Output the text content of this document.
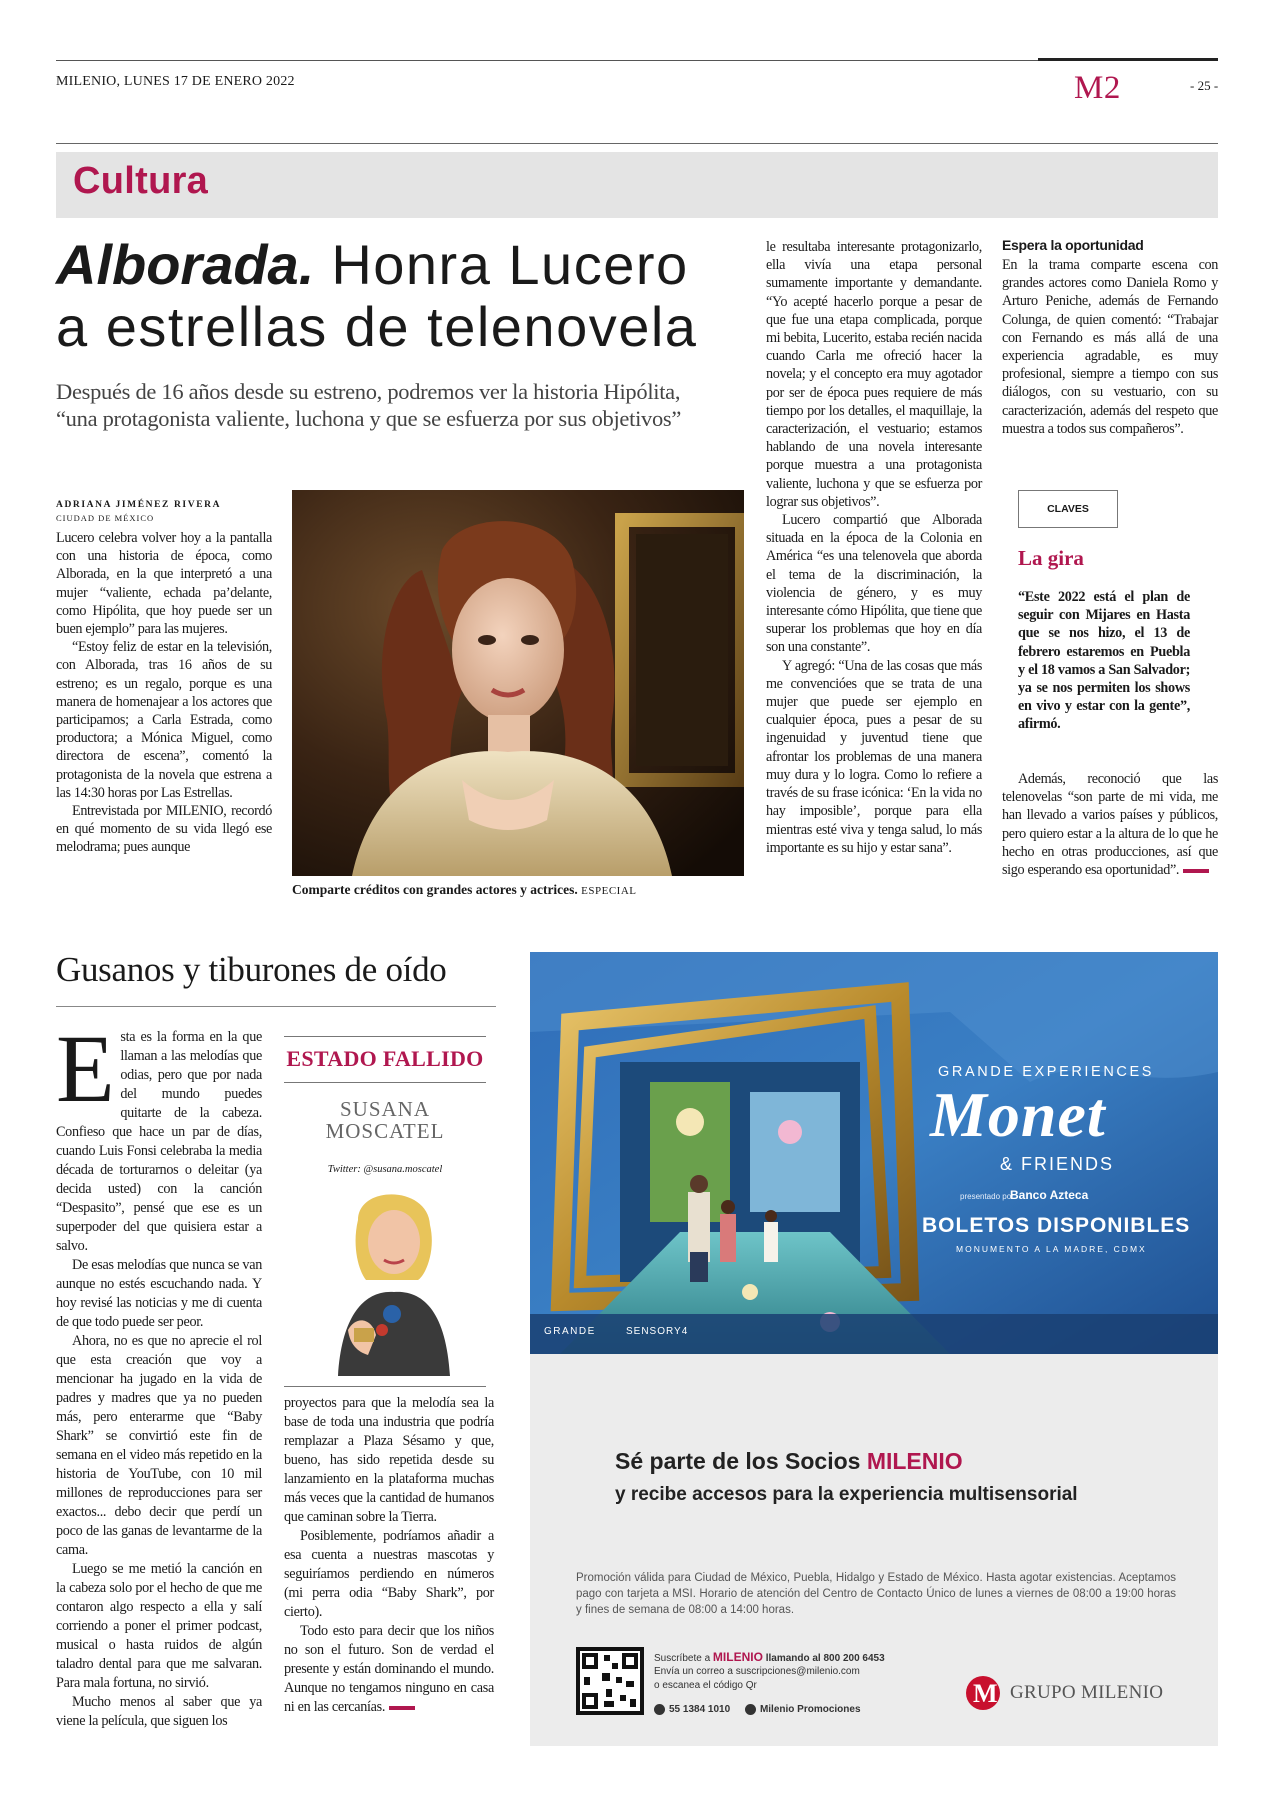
MILENIO, LUNES 17 DE ENERO 2022	M2	- 25 -
Cultura
Alborada. Honra Lucero
a estrellas de telenovela
Después de 16 años desde su estreno, podremos ver la historia Hipólita,
“una protagonista valiente, luchona y que se esfuerza por sus objetivos”
ADRIANA JIMÉNEZ RIVERA
CIUDAD DE MÉXICO

Lucero celebra volver hoy a la pantalla con una historia de época, como Alborada, en la que interpretó a una mujer “valiente, echada pa’delante, como Hipólita, que hoy puede ser un buen ejemplo” para las mujeres.

“Estoy feliz de estar en la televisión, con Alborada, tras 16 años de su estreno; es un regalo, porque es una manera de homenajear a los actores que participamos; a Carla Estrada, como productora; a Mónica Miguel, como directora de escena”, comentó la protagonista de la novela que estrena a las 14:30 horas por Las Estrellas.

Entrevistada por MILENIO, recordó en qué momento de su vida llegó ese melodrama; pues aunque

Comparte créditos con grandes actores y actrices. ESPECIAL

le resultaba interesante protagonizarlo, ella vivía una etapa personal sumamente importante y demandante. “Yo acepté hacerlo porque a pesar de que fue una etapa complicada, porque mi bebita, Lucerito, estaba recién nacida cuando Carla me ofreció hacer la novela; y el concepto era muy agotador por ser de época pues requiere de más tiempo por los detalles, el maquillaje, la caracterización, el vestuario; estamos hablando de una novela interesante porque muestra a una protagonista valiente, luchona y que se esfuerza por lograr sus objetivos”.

Lucero compartió que Alborada situada en la época de la Colonia en América “es una telenovela que aborda el tema de la discriminación, la violencia de género, y es muy interesante cómo Hipólita, que tiene que superar los problemas que hoy en día son una constante”.

Y agregó: “Una de las cosas que más me convencióes que se trata de una mujer que puede ser ejemplo en cualquier época, pues a pesar de su ingenuidad y juventud tiene que afrontar los problemas de una manera muy dura y lo logra. Como lo refiere a través de su frase icónica: ‘En la vida no hay imposible’, porque para ella mientras esté viva y tenga salud, lo más importante es su hijo y estar sana”.

Espera la oportunidad

En la trama comparte escena con grandes actores como Daniela Romo y Arturo Peniche, además de Fernando Colunga, de quien comentó: “Trabajar con Fernando es más allá de una experiencia agradable, es muy profesional, siempre a tiempo con sus diálogos, con su vestuario, con su caracterización, además del respeto que muestra a todos sus compañeros”.

CLAVES
La gira
“Este 2022 está el plan de seguir con Mijares en Hasta que se nos hizo, el 13 de febrero estaremos en Puebla y el 18 vamos a San Salvador; ya se nos permiten los shows en vivo y estar con la gente”, afirmó.

Además, reconoció que las telenovelas “son parte de mi vida, me han llevado a varios países y públicos, pero quiero estar a la altura de lo que he hecho en otras producciones, así que sigo esperando esa oportunidad”.

Gusanos y tiburones de oído

Esta es la forma en la que llaman a las melodías que odias, pero que por nada del mundo puedes quitarte de la cabeza. Confieso que hace un par de días, cuando Luis Fonsi celebraba la media década de torturarnos o deleitar (ya decida usted) con la canción “Despasito”, pensé que ese es un superpoder del que quisiera estar a salvo.

De esas melodías que nunca se van aunque no estés escuchando nada. Y hoy revisé las noticias y me di cuenta de que todo puede ser peor.

Ahora, no es que no aprecie el rol que esta creación que voy a mencionar ha jugado en la vida de padres y madres que ya no pueden más, pero enterarme que “Baby Shark” se convirtió este fin de semana en el video más repetido en la historia de YouTube, con 10 mil millones de reproducciones para ser exactos... debo decir que perdí un poco de las ganas de levantarme de la cama.

Luego se me metió la canción en la cabeza solo por el hecho de que me contaron algo respecto a ella y salí corriendo a poner el primer podcast, musical o hasta ruidos de algún taladro dental para que me salvaran. Para mala fortuna, no sirvió.

Mucho menos al saber que ya viene la película, que siguen los

ESTADO FALLIDO
SUSANA
MOSCATEL
Twitter: @susana.moscatel

proyectos para que la melodía sea la base de toda una industria que podría remplazar a Plaza Sésamo y que, bueno, has sido repetida desde su lanzamiento en la plataforma muchas más veces que la cantidad de humanos que caminan sobre la Tierra.

Posiblemente, podríamos añadir a esa cuenta a nuestras mascotas y seguiríamos perdiendo en números (mi perra odia “Baby Shark”, por cierto).

Todo esto para decir que los niños no son el futuro. Son de verdad el presente y están dominando el mundo. Aunque no tengamos ninguno en casa ni en las cercanías.

GRANDE EXPERIENCES
Monet
& FRIENDS
presentado por
Banco Azteca
BOLETOS DISPONIBLES
MONUMENTO A LA MADRE, CDMX
GRANDE	SENSORY4
Sé parte de los Socios MILENIO
y recibe accesos para la experiencia multisensorial
Promoción válida para Ciudad de México, Puebla, Hidalgo y Estado de México. Hasta agotar existencias. Aceptamos pago con tarjeta a MSI. Horario de atención del Centro de Contacto Único de lunes a viernes de 08:00 a 19:00 horas y fines de semana de 08:00 a 14:00 horas.
Suscríbete a MILENIO llamando al 800 200 6453
Envía un correo a suscripciones@milenio.com
o escanea el código Qr
55 1384 1010	Milenio Promociones
M GRUPO MILENIO
